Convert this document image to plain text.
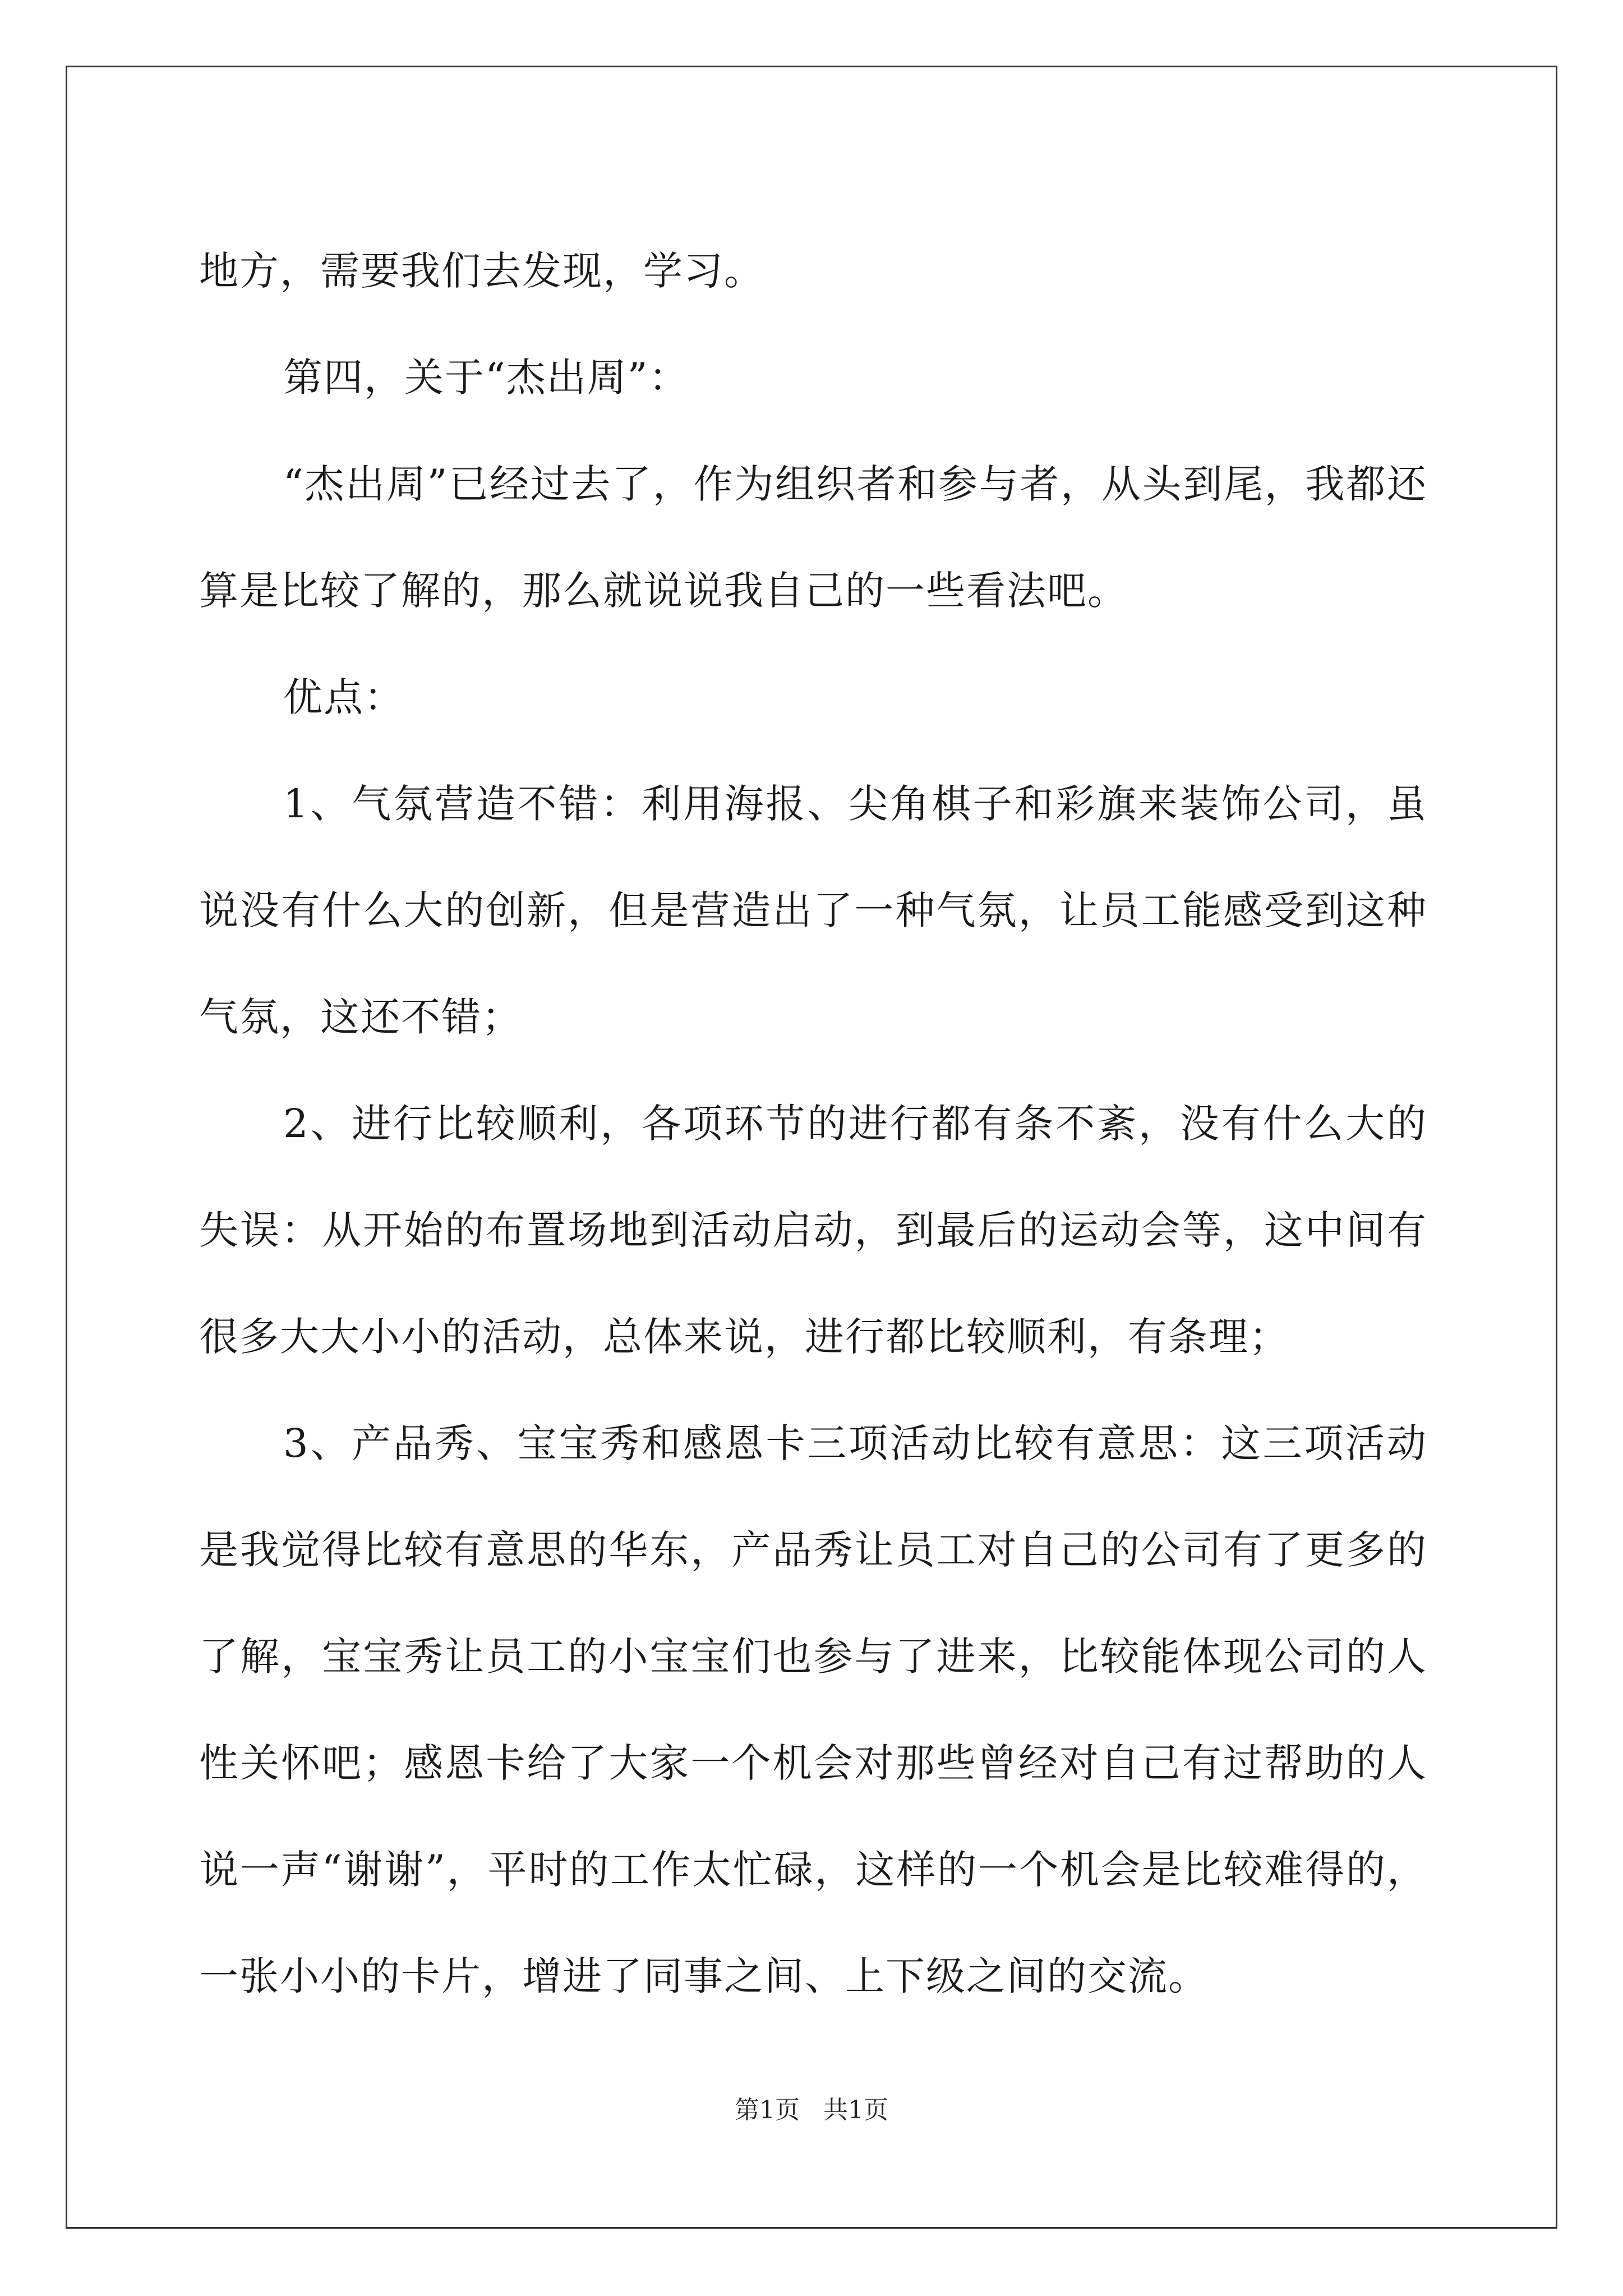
地方，需要我们去发现，学习。

第四，关于“杰出周”：

“杰出周”已经过去了，作为组织者和参与者，从头到尾，我都还算是比较了解的，那么就说说我自己的一些看法吧。

优点：

1、气氛营造不错：利用海报、尖角棋子和彩旗来装饰公司，虽说没有什么大的创新，但是营造出了一种气氛，让员工能感受到这种气氛，这还不错；

2、进行比较顺利，各项环节的进行都有条不紊，没有什么大的失误：从开始的布置场地到活动启动，到最后的运动会等，这中间有很多大大小小的活动，总体来说，进行都比较顺利，有条理；

3、产品秀、宝宝秀和感恩卡三项活动比较有意思：这三项活动是我觉得比较有意思的华东，产品秀让员工对自己的公司有了更多的了解，宝宝秀让员工的小宝宝们也参与了进来，比较能体现公司的人性关怀吧；感恩卡给了大家一个机会对那些曾经对自己有过帮助的人说一声“谢谢”，平时的工作太忙碌，这样的一个机会是比较难得的，一张小小的卡片，增进了同事之间、上下级之间的交流。

第1页 共1页
